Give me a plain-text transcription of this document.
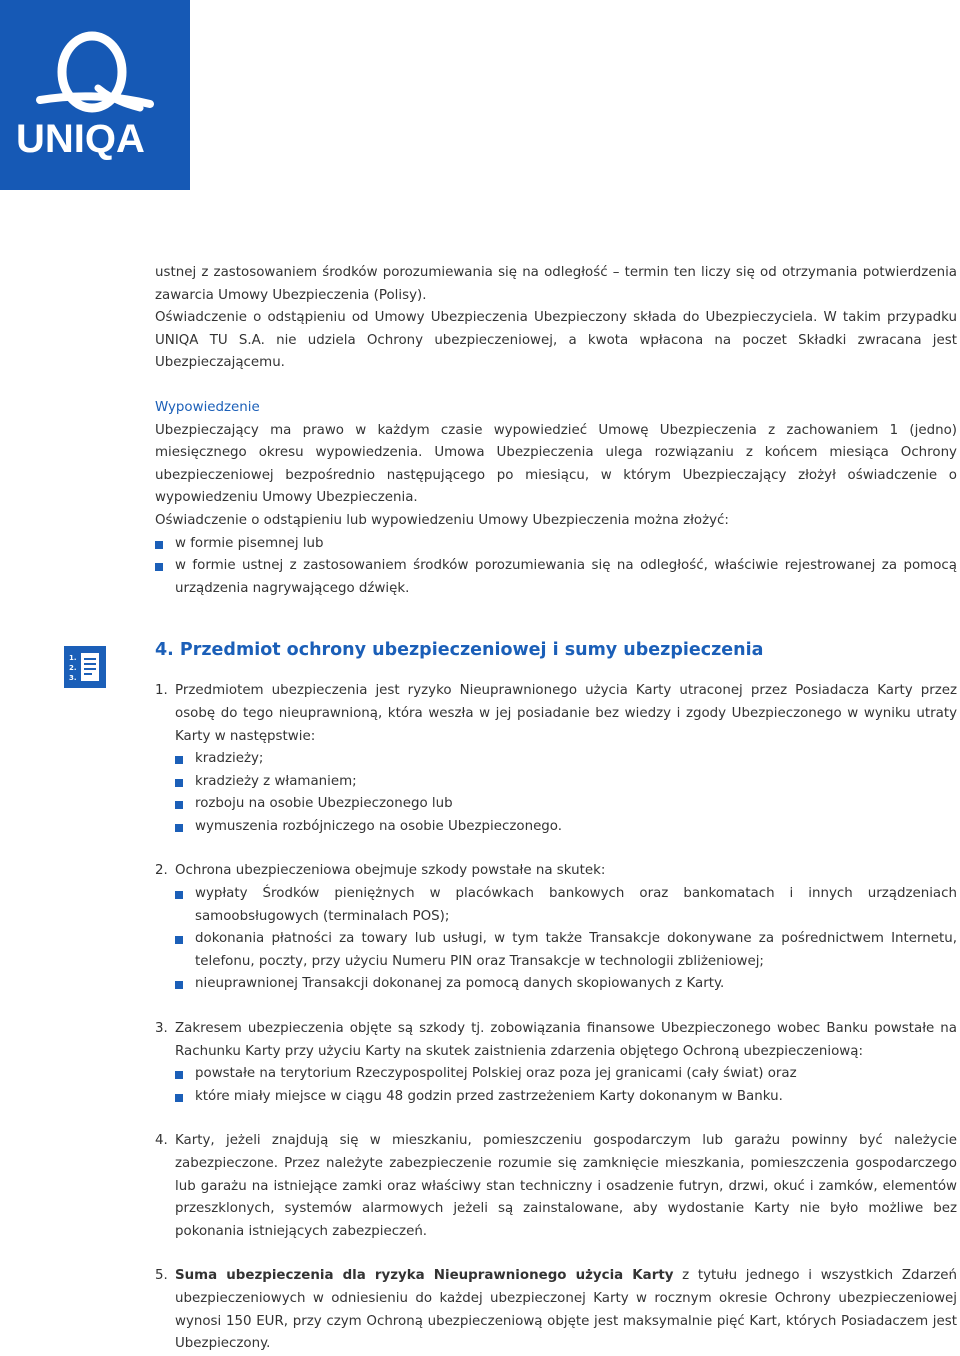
UNIQA
1.
2.
3.

ustnej z zastosowaniem środków porozumiewania się na odległość – termin ten liczy się od otrzymania potwierdzenia zawarcia Umowy Ubezpieczenia (Polisy).

Oświadczenie o odstąpieniu od Umowy Ubezpieczenia Ubezpieczony składa do Ubezpieczyciela. W takim przypadku UNIQA TU S.A. nie udziela Ochrony ubezpieczeniowej, a kwota wpłacona na poczet Składki zwracana jest Ubezpieczającemu.

Wypowiedzenie

Ubezpieczający ma prawo w każdym czasie wypowiedzieć Umowę Ubezpieczenia z zachowaniem 1 (jedno) miesięcznego okresu wypowiedzenia. Umowa Ubezpieczenia ulega rozwiązaniu z końcem miesiąca Ochrony ubezpieczeniowej bezpośrednio następującego po miesiącu, w którym Ubezpieczający złożył oświadczenie o wypowiedzeniu Umowy Ubezpieczenia.

Oświadczenie o odstąpieniu lub wypowiedzeniu Umowy Ubezpieczenia można złożyć:

w formie pisemnej lub
w formie ustnej z zastosowaniem środków porozumiewania się na odległość, właściwie rejestrowanej za pomocą urządzenia nagrywającego dźwięk.
4. Przedmiot ochrony ubezpieczeniowej i sumy ubezpieczenia
1. Przedmiotem ubezpieczenia jest ryzyko Nieuprawnionego użycia Karty utraconej przez Posiadacza Karty przez osobę do tego nieuprawnioną, która weszła w jej posiadanie bez wiedzy i zgody Ubezpieczonego w wyniku utraty Karty w następstwie:

kradzieży;
kradzieży z włamaniem;
rozboju na osobie Ubezpieczonego lub
wymuszenia rozbójniczego na osobie Ubezpieczonego.
2. Ochrona ubezpieczeniowa obejmuje szkody powstałe na skutek:

wypłaty Środków pieniężnych w placówkach bankowych oraz bankomatach i innych urządzeniach samoobsługowych (terminalach POS);
dokonania płatności za towary lub usługi, w tym także Transakcje dokonywane za pośrednictwem Internetu, telefonu, poczty, przy użyciu Numeru PIN oraz Transakcje w technologii zbliżeniowej;
nieuprawnionej Transakcji dokonanej za pomocą danych skopiowanych z Karty.
3. Zakresem ubezpieczenia objęte są szkody tj. zobowiązania finansowe Ubezpieczonego wobec Banku powstałe na Rachunku Karty przy użyciu Karty na skutek zaistnienia zdarzenia objętego Ochroną ubezpieczeniową:

powstałe na terytorium Rzeczypospolitej Polskiej oraz poza jej granicami (cały świat) oraz
które miały miejsce w ciągu 48 godzin przed zastrzeżeniem Karty dokonanym w Banku.
4. Karty, jeżeli znajdują się w mieszkaniu, pomieszczeniu gospodarczym lub garażu powinny być należycie zabezpieczone. Przez należyte zabezpieczenie rozumie się zamknięcie mieszkania, pomieszczenia gospodarczego lub garażu na istniejące zamki oraz właściwy stan techniczny i osadzenie futryn, drzwi, okuć i zamków, elementów przeszklonych, systemów alarmowych jeżeli są zainstalowane, aby wydostanie Karty nie było możliwe bez pokonania istniejących zabezpieczeń.

5. Suma ubezpieczenia dla ryzyka Nieuprawnionego użycia Karty z tytułu jednego i wszystkich Zdarzeń ubezpieczeniowych w odniesieniu do każdej ubezpieczonej Karty w rocznym okresie Ochrony ubezpieczeniowej wynosi 150 EUR, przy czym Ochroną ubezpieczeniową objęte jest maksymalnie pięć Kart, których Posiadaczem jest Ubezpieczony.
